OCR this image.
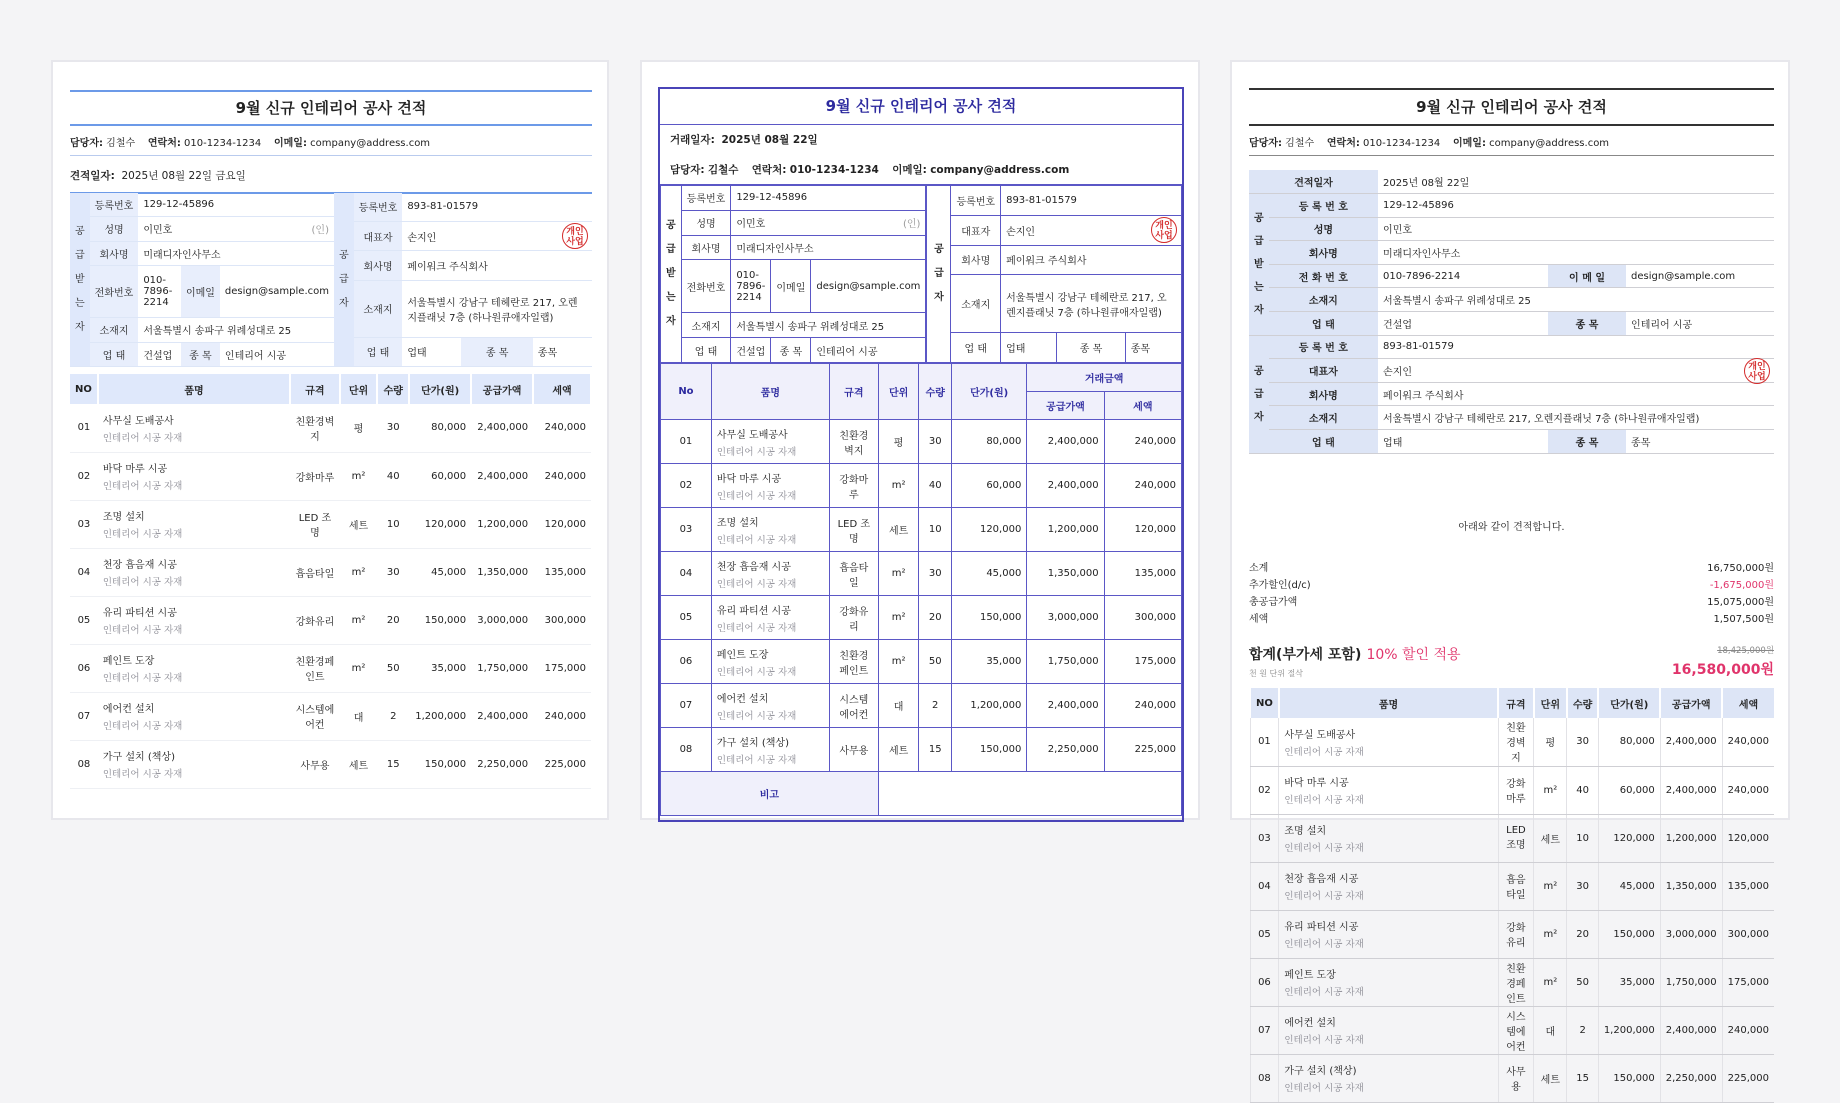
9월 신규 인테리어 공사 견적
담당자: 김철수 연락처: 010-1234-1234 이메일: company@address.com
견적일자: 2025년 08월 22일 금요일
공급받는자	등록번호	129-12-45896		
	성명	이민호 (인)		

	회사명	미래디자인사무소		
	전화번호	010-7896-2214	이메일	design@sample.com
	소재지	서울특별시 송파구 위례성대로 25		
	업 태	건설업	종 목	인테리어 시공
공급자	등록번호	893-81-01579		
	대표자	손지인
개인사업		

	회사명	페이워크 주식회사		
	소재지	서울특별시 강남구 테헤란로 217, 오렌지플래닛 7층 (하나원큐애자일랩)		
	업 태	업태	종 목	종목
NO	품명	규격	단위	수량	단가(원)	공급가액	세액
01	사무실 도배공사
인테리어 시공 자재	친환경벽지	평	30	80,000	2,400,000	240,000
02	바닥 마루 시공
인테리어 시공 자재	강화마루	m²	40	60,000	2,400,000	240,000
03	조명 설치
인테리어 시공 자재	LED 조명	세트	10	120,000	1,200,000	120,000
04	천장 흡음재 시공
인테리어 시공 자재	흡음타일	m²	30	45,000	1,350,000	135,000
05	유리 파티션 시공
인테리어 시공 자재	강화유리	m²	20	150,000	3,000,000	300,000
06	페인트 도장
인테리어 시공 자재	친환경페인트	m²	50	35,000	1,750,000	175,000
07	에어컨 설치
인테리어 시공 자재	시스템에어컨	대	2	1,200,000	2,400,000	240,000
08	가구 설치 (책상)
인테리어 시공 자재	사무용	세트	15	150,000	2,250,000	225,000
9월 신규 인테리어 공사 견적
거래일자: 2025년 08월 22일
담당자: 김철수 연락처: 010-1234-1234 이메일: company@address.com
공급받는자	등록번호	129-12-45896		
	성명	이민호 (인)		

	회사명	미래디자인사무소		
	전화번호	010-7896-2214	이메일	design@sample.com
	소재지	서울특별시 송파구 위례성대로 25		
	업 태	건설업	종 목	인테리어 시공
공급자	등록번호	893-81-01579		
	대표자	손지인
개인사업		

	회사명	페이워크 주식회사		
	소재지	서울특별시 강남구 테헤란로 217, 오렌지플래닛 7층 (하나원큐애자일랩)		
	업 태	업태	종 목	종목
No	품명	규격	단위	수량	단가(원)	거래금액	
						공급가액	세액
01	사무실 도배공사
인테리어 시공 자재	친환경벽지	평	30	80,000	2,400,000	240,000
02	바닥 마루 시공
인테리어 시공 자재	강화마루	m²	40	60,000	2,400,000	240,000
03	조명 설치
인테리어 시공 자재	LED 조명	세트	10	120,000	1,200,000	120,000
04	천장 흡음재 시공
인테리어 시공 자재	흡음타일	m²	30	45,000	1,350,000	135,000
05	유리 파티션 시공
인테리어 시공 자재	강화유리	m²	20	150,000	3,000,000	300,000
06	페인트 도장
인테리어 시공 자재	친환경페인트	m²	50	35,000	1,750,000	175,000
07	에어컨 설치
인테리어 시공 자재	시스템에어컨	대	2	1,200,000	2,400,000	240,000
08	가구 설치 (책상)
인테리어 시공 자재	사무용	세트	15	150,000	2,250,000	225,000
비고							
9월 신규 인테리어 공사 견적
담당자: 김철수 연락처: 010-1234-1234 이메일: company@address.com
견적일자		2025년 08월 22일		
공급받는자	등 록 번 호	129-12-45896		
	성명	이민호		
	회사명	미래디자인사무소		
	전 화 번 호	010-7896-2214	이 메 일	design@sample.com
	소재지	서울특별시 송파구 위례성대로 25		
	업 태	건설업	종 목	인테리어 시공
공급자	등 록 번 호	893-81-01579		
	대표자	손지인
개인사업		

	회사명	페이워크 주식회사		
	소재지	서울특별시 강남구 테헤란로 217, 오렌지플래닛 7층 (하나원큐애자일랩)		
	업 태	업태	종 목	종목
아래와 같이 견적합니다.
소계	16,750,000원
추가할인(d/c)	-1,675,000원
총공급가액	15,075,000원
세액	1,507,500원
합계(부가세 포함) 10% 할인 적용
천 원 단위 절삭
18,425,000원
16,580,000원
NO	품명	규격	단위	수량	단가(원)	공급가액	세액
01	사무실 도배공사
인테리어 시공 자재	친환경벽지	평	30	80,000	2,400,000	240,000
02	바닥 마루 시공
인테리어 시공 자재	강화마루	m²	40	60,000	2,400,000	240,000
03	조명 설치
인테리어 시공 자재	LED 조명	세트	10	120,000	1,200,000	120,000
04	천장 흡음재 시공
인테리어 시공 자재	흡음타일	m²	30	45,000	1,350,000	135,000
05	유리 파티션 시공
인테리어 시공 자재	강화유리	m²	20	150,000	3,000,000	300,000
06	페인트 도장
인테리어 시공 자재	친환경페인트	m²	50	35,000	1,750,000	175,000
07	에어컨 설치
인테리어 시공 자재	시스템에어컨	대	2	1,200,000	2,400,000	240,000
08	가구 설치 (책상)
인테리어 시공 자재	사무용	세트	15	150,000	2,250,000	225,000
